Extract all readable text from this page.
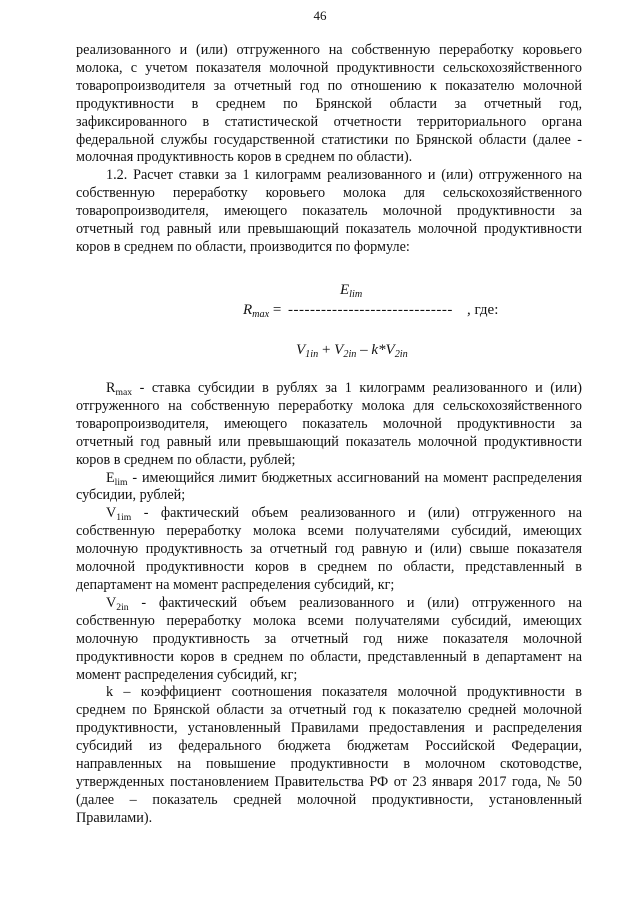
46

реализованного и (или) отгруженного на собственную переработку коровьего молока, с учетом показателя молочной продуктивности сельскохозяйственного товаропроизводителя за отчетный год по отношению к показателю молочной продуктивности в среднем по Брянской области за отчетный год, зафиксированного в статистической отчетности территориального органа федеральной службы государственной статистики по Брянской области (далее - молочная продуктивность коров в среднем по области).

1.2. Расчет ставки за 1 килограмм реализованного и (или) отгруженного на собственную переработку коровьего молока для сельскохозяйственного товаропроизводителя, имеющего показатель молочной продуктивности за отчетный год равный или превышающий показатель молочной продуктивности коров в среднем по области, производится по формуле:

$E_{lim}$
$R_{max}$ = ------------------------------ , где:
$V_{1in} + V_{2in} - k*V_{2in}$

$R_{max}$ - ставка субсидии в рублях за 1 килограмм реализованного и (или) отгруженного на собственную переработку молока для сельскохозяйственного товаропроизводителя, имеющего показатель молочной продуктивности за отчетный год равный или превышающий показатель молочной продуктивности коров в среднем по области, рублей;

$E_{lim}$ - имеющийся лимит бюджетных ассигнований на момент распределения субсидии, рублей;

$V_{1im}$ - фактический объем реализованного и (или) отгруженного на собственную переработку молока всеми получателями субсидий, имеющих молочную продуктивность за отчетный год равную и (или) свыше показателя молочной продуктивности коров в среднем по области, представленный в департамент на момент распределения субсидий, кг;

$V_{2in}$ - фактический объем реализованного и (или) отгруженного на собственную переработку молока всеми получателями субсидий, имеющих молочную продуктивность за отчетный год ниже показателя молочной продуктивности коров в среднем по области, представленный в департамент на момент распределения субсидий, кг;

k – коэффициент соотношения показателя молочной продуктивности в среднем по Брянской области за отчетный год к показателю средней молочной продуктивности, установленный Правилами предоставления и распределения субсидий из федерального бюджета бюджетам Российской Федерации, направленных на повышение продуктивности в молочном скотоводстве, утвержденных постановлением Правительства РФ от 23 января 2017 года, № 50 (далее – показатель средней молочной продуктивности, установленный Правилами).
